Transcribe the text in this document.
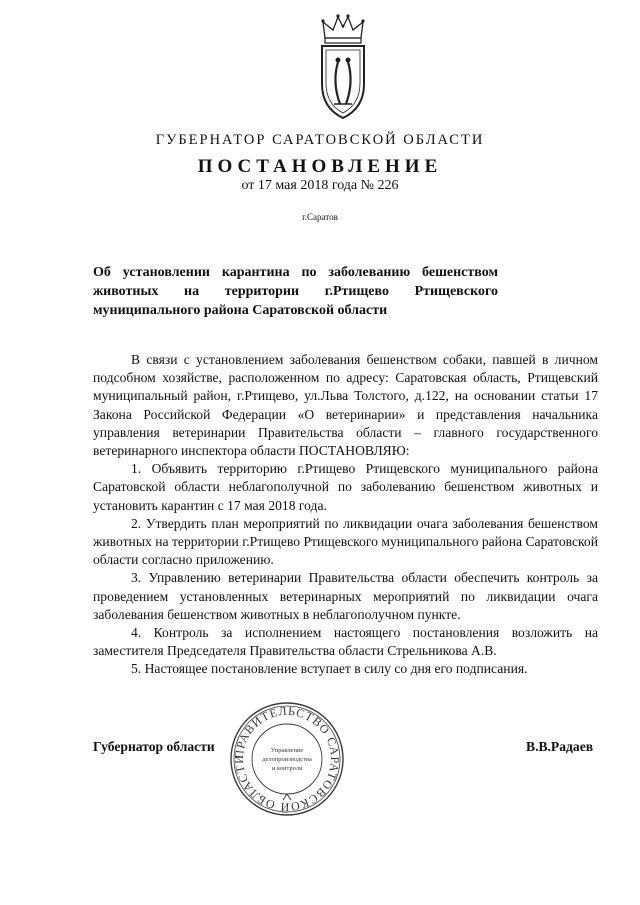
ГУБЕРНАТОР САРАТОВСКОЙ ОБЛАСТИ
ПОСТАНОВЛЕНИЕ
от 17 мая 2018 года № 226
г.Саратов
Об установлении карантина по заболеванию бешенством животных на территории г.Ртищево Ртищевского муниципального района Саратовской области

В связи с установлением заболевания бешенством собаки, павшей в личном подсобном хозяйстве, расположенном по адресу: Саратовская область, Ртищевский муниципальный район, г.Ртищево, ул.Льва Толстого, д.122, на основании статьи 17 Закона Российской Федерации «О ветеринарии» и представления начальника управления ветеринарии Правительства области – главного государственного ветеринарного инспектора области ПОСТАНОВЛЯЮ:

1. Объявить территорию г.Ртищево Ртищевского муниципального района Саратовской области неблагополучной по заболеванию бешенством животных и установить карантин с 17 мая 2018 года.

2. Утвердить план мероприятий по ликвидации очага заболевания бешенством животных на территории г.Ртищево Ртищевского муниципального района Саратовской области согласно приложению.

3. Управлению ветеринарии Правительства области обеспечить контроль за проведением установленных ветеринарных мероприятий по ликвидации очага заболевания бешенством животных в неблагополучном пункте.

4. Контроль за исполнением настоящего постановления возложить на заместителя Председателя Правительства области Стрельникова А.В.

5. Настоящее постановление вступает в силу со дня его подписания.

ПРАВИТЕЛЬСТВО САРАТОВСКОЙ ОБЛАСТИ
Управление
делопроизводства
и контроля
Губернатор области	В.В.Радаев
